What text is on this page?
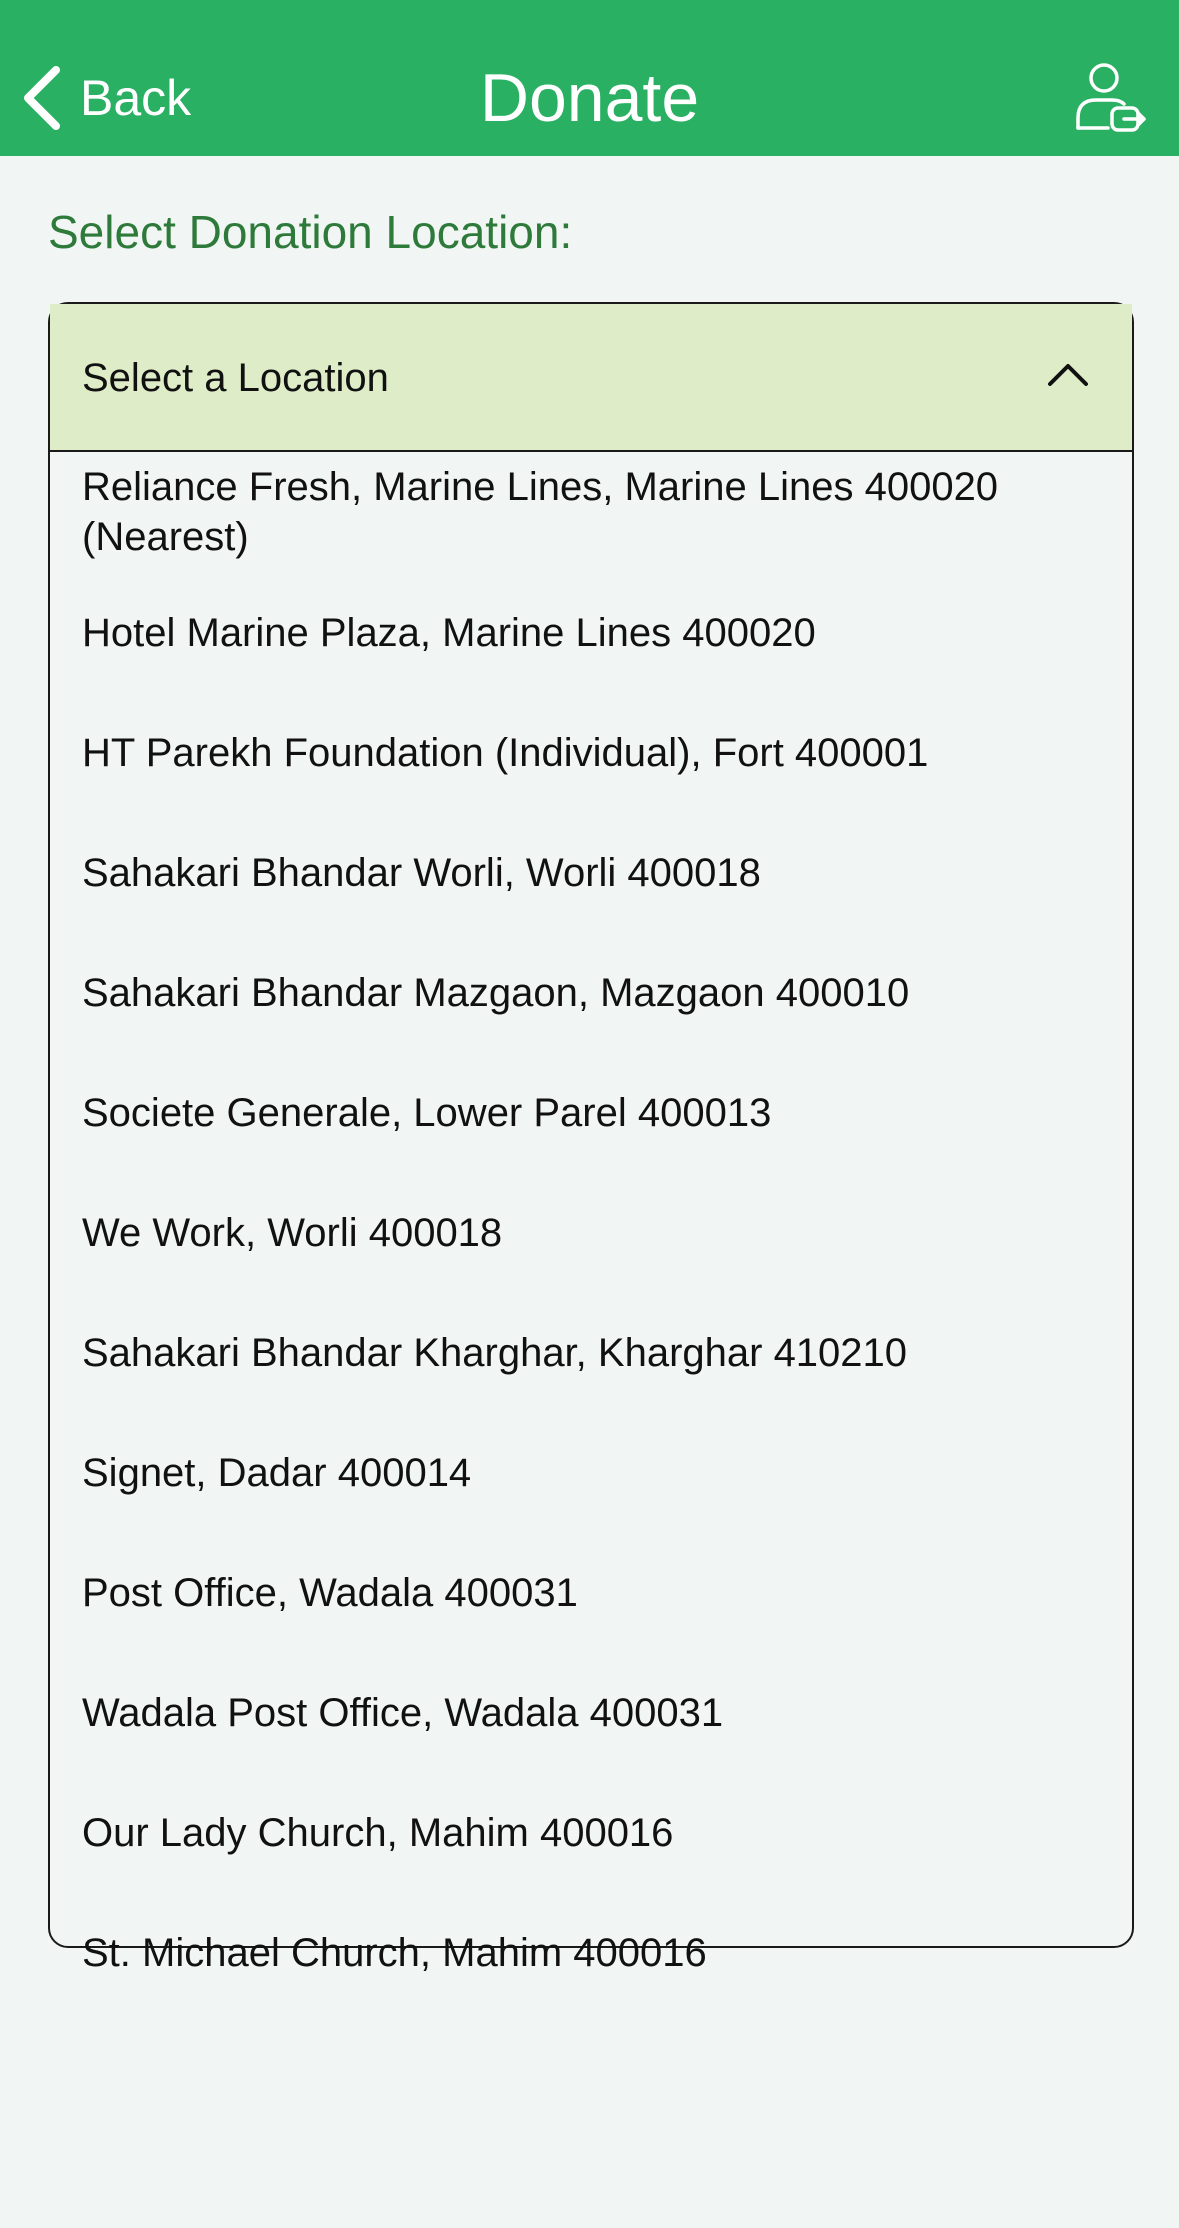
Back	Donate
Select Donation Location:
Select a Location
Reliance Fresh, Marine Lines, Marine Lines 400020 (Nearest)
Hotel Marine Plaza, Marine Lines 400020
HT Parekh Foundation (Individual), Fort 400001
Sahakari Bhandar Worli, Worli 400018
Sahakari Bhandar Mazgaon, Mazgaon 400010
Societe Generale, Lower Parel 400013
We Work, Worli 400018
Sahakari Bhandar Kharghar, Kharghar 410210
Signet, Dadar 400014
Post Office, Wadala 400031
Wadala Post Office, Wadala 400031
Our Lady Church, Mahim 400016
St. Michael Church, Mahim 400016
